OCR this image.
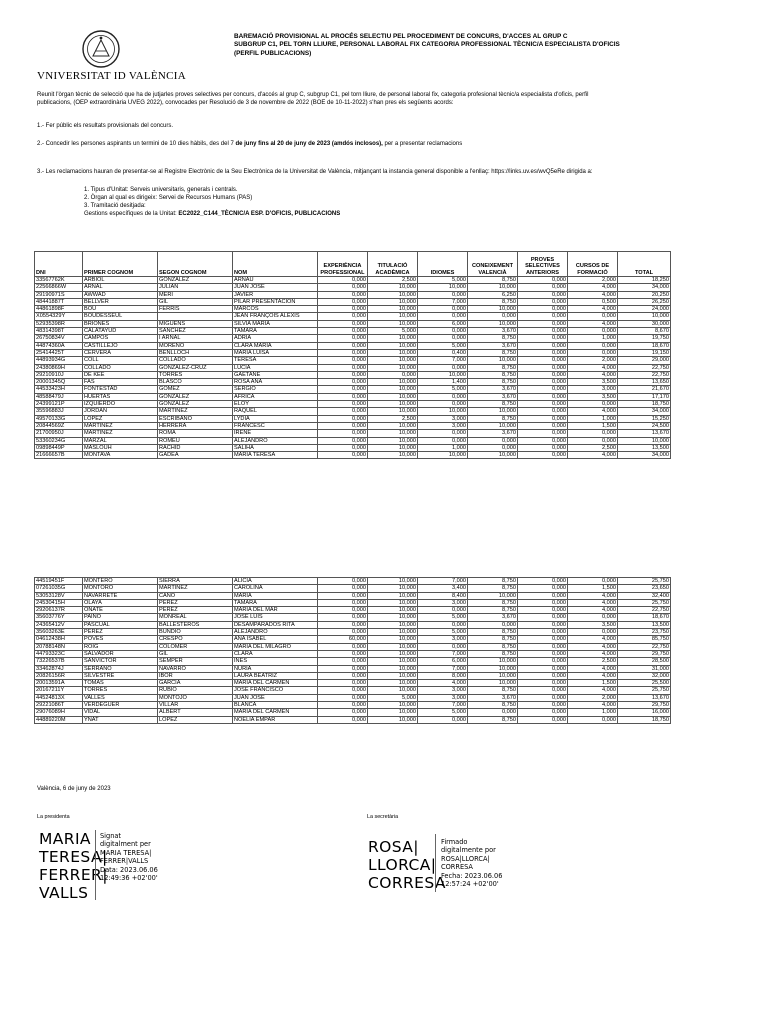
VNIVERSITAT ID VALÈNCIA
BAREMACIÓ PROVISIONAL AL PROCÉS SELECTIU PEL PROCEDIMENT DE CONCURS, D'ACCES AL GRUP C
SUBGRUP C1, PEL TORN LLIURE, PERSONAL LABORAL FIX CATEGORIA PROFESSIONAL TÈCNIC/A ESPECIALISTA D'OFICIS
(PERFIL PUBLICACIONS)
Reunit l'òrgan tècnic de selecció que ha de jutjarles proves selectives per concurs, d'accés al grup C, subgrup C1, pel torn lliure, de personal laboral fix, categoria profesional tècnic/a especialista d'oficis, perfil
publicacions, (OEP extraordinària UVEG 2022), convocades per Resolució de 3 de novembre de 2022 (BOE de 10-11-2022) s'han pres els següents acords:
1.- Fer públic els resultats provisionals del concurs.
2.- Concedir les persones aspirants un termini de 10 dies hàbils, des del 7 de juny fins al 20 de juny de 2023 (amdós inclosos), per a presentar reclamacions
3.- Les reclamacions hauran de presentar-se al Registre Electrònic de la Seu Electrònica de la Universitat de València, mitjançant la instancia general disponible a l'enllaç: https://links.uv.es/wvQ5eRe dirigida a:
1. Tipus d'Unitat: Serveis universitaris, generals i centrals.
2. Òrgan al qual es dirigeix: Servei de Recursos Humans (PAS)
3. Tramitació desitjada:
Gestions específiques de la Unitat: EC2022_C144_TÈCNIC/A ESP. D'OFICIS, PUBLICACIONS
DNI	PRIMER COGNOM	SEGON COGNOM	NOM	EXPERIÈNCIA PROFESSIONAL	TITULACIÓ ACADÈMICA	IDIOMES	CONEIXEMENT VALENCIÀ	PROVES SELECTIVES ANTERIORS	CURSOS DE FORMACIÓ	TOTAL
33567762K	ARBIOL	GONZALEZ	ARNAU	0,000	2,500	5,000	8,750	0,000	2,000	18,250
22566866W	ARNAL	JULIAN	JUAN JOSE	0,000	10,000	10,000	10,000	0,000	4,000	34,000
29190971S	AWWAD	MERI	JAVIER	0,000	10,000	0,000	6,250	0,000	4,000	20,250
48441887T	BELLVER	GIL	PILAR PRESENTACION	0,000	10,000	7,000	8,750	0,000	0,500	26,250
44861898F	BOU	FERRIS	MARCOS	0,000	10,000	0,000	10,000	0,000	4,000	24,000
X0554329Y	BOUDESSEUL		JEAN FRANÇOIS ALEXIS	0,000	10,000	0,000	0,000	0,000	0,000	10,000
52935398R	BRIONES	MIGUENS	SILVIA MARIA	0,000	10,000	6,000	10,000	0,000	4,000	30,000
48314398T	CALATAYUD	SANCHEZ	TAMARA	0,000	5,000	0,000	3,670	0,000	0,000	8,670
26750834V	CAMPOS	I ARNAL	ADRIA	0,000	10,000	0,000	8,750	0,000	1,000	19,750
44874360A	CASTILLEJO	MORENO	CLARA MARIA	0,000	10,000	5,000	3,670	0,000	0,000	18,670
25414425T	CERVERA	BENLLOCH	MARIA LUISA	0,000	10,000	0,400	8,750	0,000	0,000	19,150
44893934G	COLL	COLLADO	TERESA	0,000	10,000	7,000	10,000	0,000	2,000	29,000
24380869H	COLLADO	GONZALEZ-CRUZ	LUCIA	0,000	10,000	0,000	8,750	0,000	4,000	22,750
29210910J	DE KEE	TORRES	GAETANE	0,000	0,000	10,000	8,750	0,000	4,000	22,750
20001345Q	FAS	BLASCO	ROSA ANA	0,000	10,000	1,400	8,750	0,000	3,500	13,650
44533423H	FONTESTAD	GOMEZ	SERGIO	0,000	10,000	5,000	3,670	0,000	3,000	21,670
48588479J	HUERTAS	GONZALEZ	AFRICA	0,000	10,000	0,000	3,670	0,000	3,500	17,170
24399121P	IZQUIERDO	GONZALEZ	ELOY	0,000	10,000	0,000	8,750	0,000	0,000	18,750
35596883J	JORDAN	MARTINEZ	RAQUEL	0,000	10,000	10,000	10,000	0,000	4,000	34,000
49570133G	LOPEZ	ESCRIBANO	LYDIA	0,000	2,500	3,000	8,750	0,000	1,000	15,250
20844569Z	MARTINEZ	HERRERA	FRANCESC	0,000	10,000	3,000	10,000	0,000	1,500	24,500
21700950J	MARTINEZ	ROMA	IRENE	0,000	10,000	0,000	3,670	0,000	0,000	13,670
53360234G	MARZAL	ROMEU	ALEJANDRO	0,000	10,000	0,000	0,000	0,000	0,000	10,000
09898449P	MASLOUH	RACHID	SALIHA	0,000	10,000	1,000	0,000	0,000	2,500	13,500
21666657B	MONTAVA	GADEA	MARIA TERESA	0,000	10,000	10,000	10,000	0,000	4,000	34,000
44519451F	MONTERO	SIERRA	ALICIA	0,000	10,000	7,000	8,750	0,000	0,000	25,750
07261035G	MONTORO	MARTINEZ	CAROLINA	0,000	10,000	3,400	8,750	0,000	1,500	23,650
53053128V	NAVARRETE	CANO	MARIA	0,000	10,000	8,400	10,000	0,000	4,000	32,400
24530415H	OLAYA	PEREZ	TAMARA	0,000	10,000	3,000	8,750	0,000	4,000	25,750
29206137R	OÑATE	PEREZ	MARIA DEL MAR	0,000	10,000	0,000	8,750	0,000	4,000	22,750
35603776Y	PAINO	MONREAL	JOSE LUIS	0,000	10,000	5,000	3,670	0,000	0,000	18,670
24365412V	PASCUAL	BALLESTEROS	DESAMPARADOS RITA	0,000	10,000	0,000	0,000	0,000	3,500	13,500
35603263E	PEREZ	BUNDIO	ALEJANDRO	0,000	10,000	5,000	8,750	0,000	0,000	23,750
04612438H	POVES	CRESPO	ANA ISABEL	60,000	10,000	3,000	8,750	0,000	4,000	85,750
20788148N	ROIG	COLOMER	MARIA DEL MILAGRO	0,000	10,000	0,000	8,750	0,000	4,000	22,750
44793323C	SALVADOR	GIL	CLARA	0,000	10,000	7,000	8,750	0,000	4,000	29,750
73226537B	SANVICTOR	SEMPER	INES	0,000	10,000	6,000	10,000	0,000	2,500	28,500
33462874J	SERRANO	NAVARRO	NURIA	0,000	10,000	7,000	10,000	0,000	4,000	31,000
20826156R	SILVESTRE	IBOR	LAURA BEATRIZ	0,000	10,000	8,000	10,000	0,000	4,000	32,000
20013591A	TOMAS	GARCIA	MARIA DEL CARMEN	0,000	10,000	4,000	10,000	0,000	1,500	25,500
20167211Y	TORRES	RUBIO	JOSE FRANCISCO	0,000	10,000	3,000	8,750	0,000	4,000	25,750
44524813X	VALLES	MONTOJO	JUAN JOSE	0,000	5,000	3,000	3,670	0,000	2,000	13,670
29221086T	VERDEGUER	VILLAR	BLANCA	0,000	10,000	7,000	8,750	0,000	4,000	29,750
29076089H	VIDAL	ALBERT	MARIA DEL CARMEN	0,000	10,000	5,000	0,000	0,000	1,000	16,000
44889220M	YNAT	LOPEZ	NOELIA EMPAR	0,000	10,000	0,000	8,750	0,000	0,000	18,750
València, 6 de juny de 2023
La presidenta	La secretària
MARIA
TERESA|
FERRER|
VALLS
Signat
digitalment per
MARIA TERESA|
FERRER|VALLS
Data: 2023.06.06
12:49:36 +02'00'
ROSA|
LLORCA|
CORRESA
Firmado
digitalmente por
ROSA|LLORCA|
CORRESA
Fecha: 2023.06.06
12:57:24 +02'00'
